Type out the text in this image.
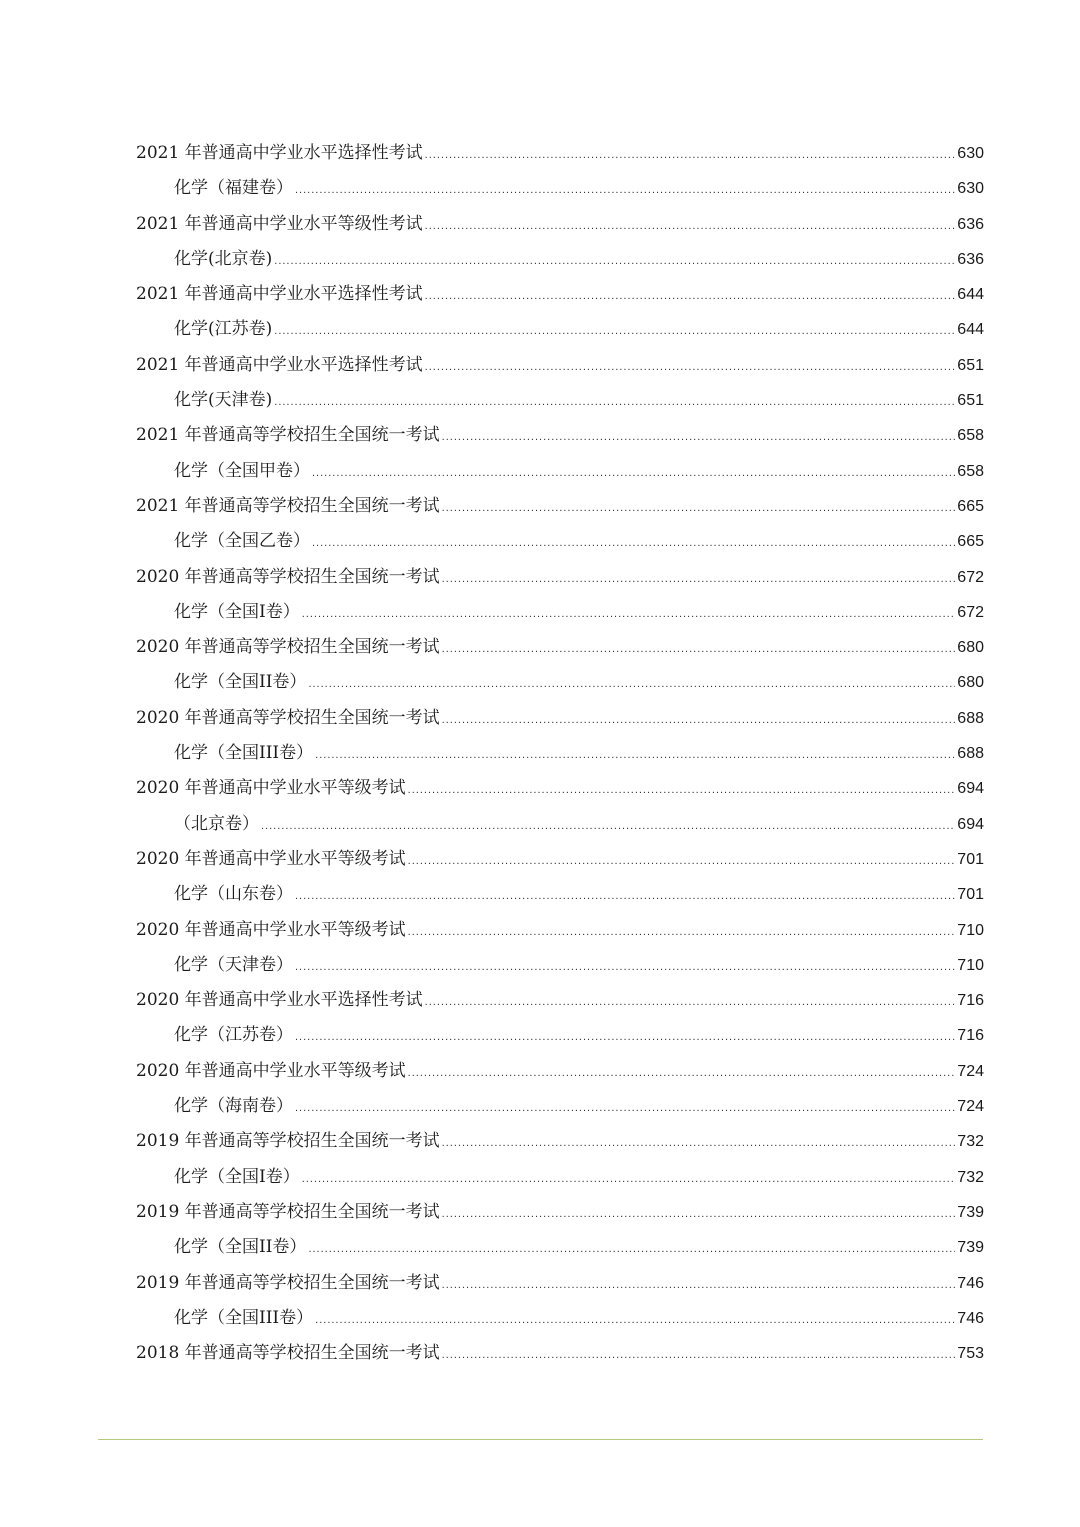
2021 年普通高中学业水平选择性考试 .....	630
化学（福建卷） .....	630
2021 年普通高中学业水平等级性考试 .....	636
化学(北京卷) .....	636
2021 年普通高中学业水平选择性考试 .....	644
化学(江苏卷) .....	644
2021 年普通高中学业水平选择性考试 .....	651
化学(天津卷) .....	651
2021 年普通高等学校招生全国统一考试 .....	658
化学（全国甲卷） .....	658
2021 年普通高等学校招生全国统一考试 .....	665
化学（全国乙卷） .....	665
2020 年普通高等学校招生全国统一考试 .....	672
化学（全国I卷） .....	672
2020 年普通高等学校招生全国统一考试 .....	680
化学（全国II卷） .....	680
2020 年普通高等学校招生全国统一考试 .....	688
化学（全国III卷） .....	688
2020 年普通高中学业水平等级考试 .....	694
（北京卷） .....	694
2020 年普通高中学业水平等级考试 .....	701
化学（山东卷） .....	701
2020 年普通高中学业水平等级考试 .....	710
化学（天津卷） .....	710
2020 年普通高中学业水平选择性考试 .....	716
化学（江苏卷） .....	716
2020 年普通高中学业水平等级考试 .....	724
化学（海南卷） .....	724
2019 年普通高等学校招生全国统一考试 .....	732
化学（全国I卷） .....	732
2019 年普通高等学校招生全国统一考试 .....	739
化学（全国II卷） .....	739
2019 年普通高等学校招生全国统一考试 .....	746
化学（全国III卷） .....	746
2018 年普通高等学校招生全国统一考试 .....	753
